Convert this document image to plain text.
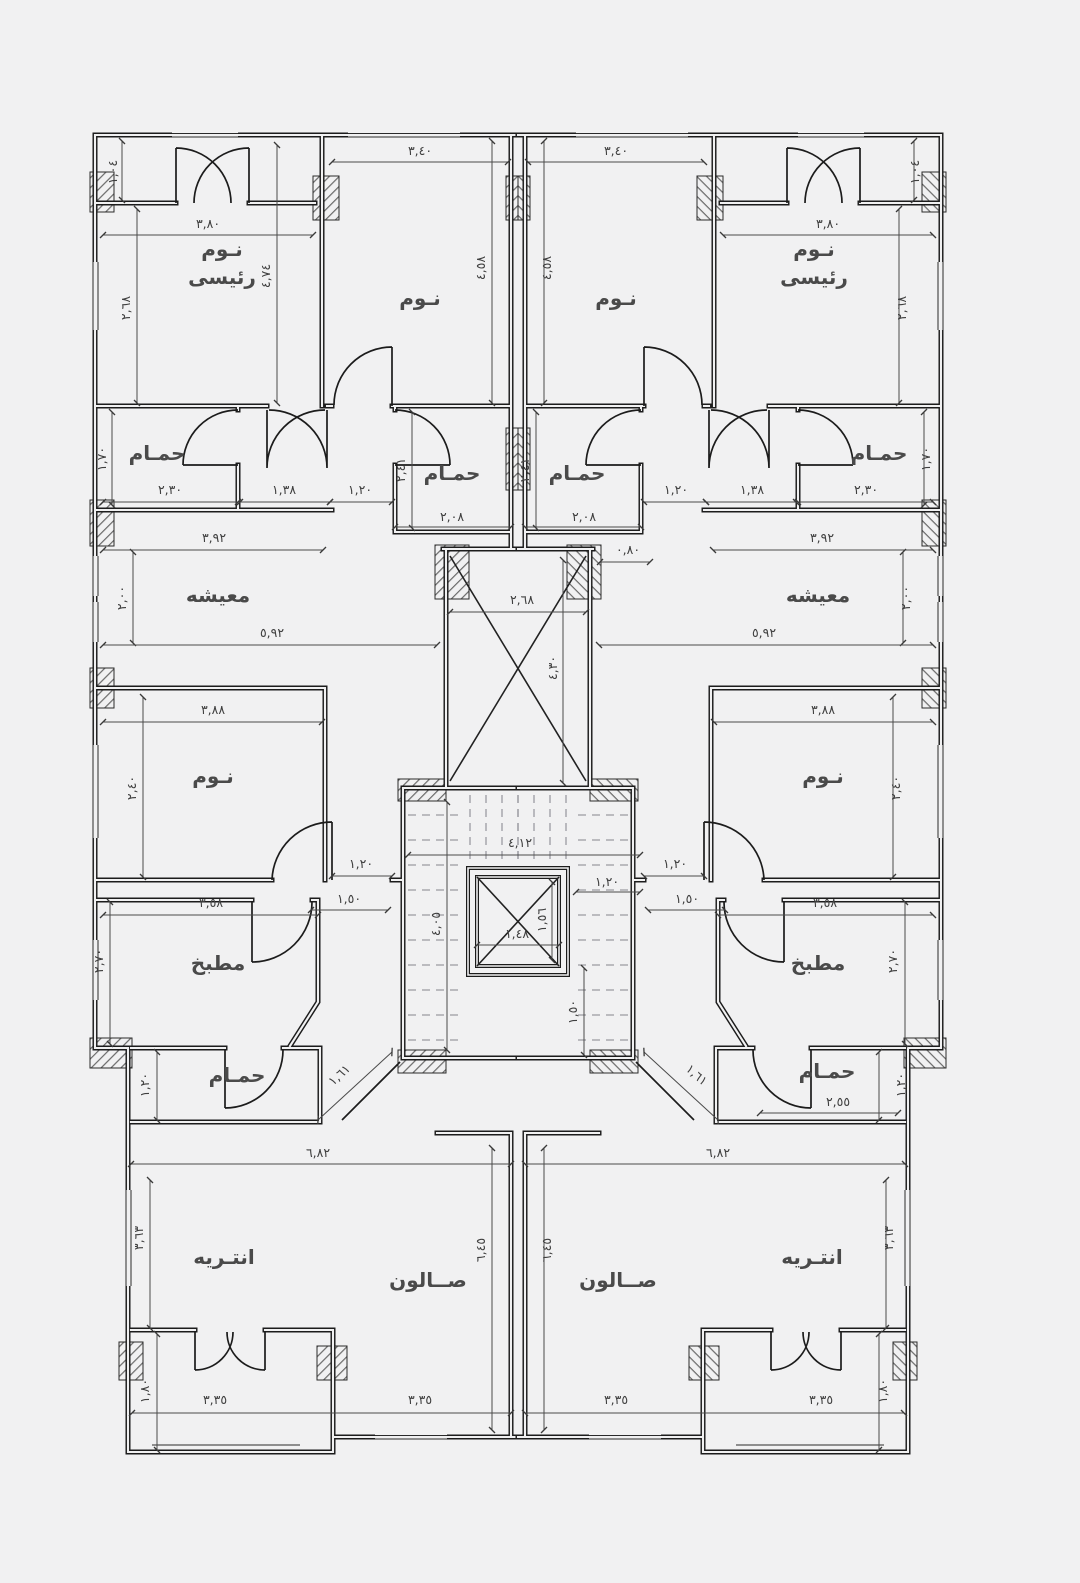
نـوم
رئيسى
نـوم
رئيسى
نـوم	نـوم
حمـام
حمـام	حمـام
حمـام
معيشه	معيشه
نـوم	نـوم
مطبخ	مطبخ
حمـام	حمـام
انتـريه	انتـريه
صــالون	صــالون
٣,٨٠	٣,٨٠
١,٠٤	١,٠٤
٣,٤٠	٣,٤٠
٤,٧٤
٢,٦٨	٢,٦٨
٤,٥٨	٤,٥٨
٢,٣٠	٢,٣٠
١,٧٠	١,٧٠
١,٣٨	١,٣٨
١,٢٠	١,٢٠
٢,٤١	٢,٤١
٢,٠٨	٢,٠٨
٠,٨٠
٣,٩٢	٣,٩٢
٢,٠٠	٢,٠٠
٥,٩٢	٥,٩٢
٢,٦٨
٤,٣٠
٣,٨٨	٣,٨٨
٢,٤٠	٢,٤٠
١,٢٠	١,٢٠
٤,١٢
٤,٠٥	١,٥٦
١,٤٨
١,٢٠
١,٥٠	١,٥٠
١,٥٠
٣,٥٨	٣,٥٨
٢,٧٠	٢,٧٠
١,٢٠	١,٢٠
٢,٥٥
١,٦١	١,٦١
٦,٨٢	٦,٨٢
٣,٦٣	٣,٦٣
٦,٤٥	٦,٤٥
٣,٣٥	٣,٣٥	٣,٣٥	٣,٣٥
١,٨٠	١,٨٠
